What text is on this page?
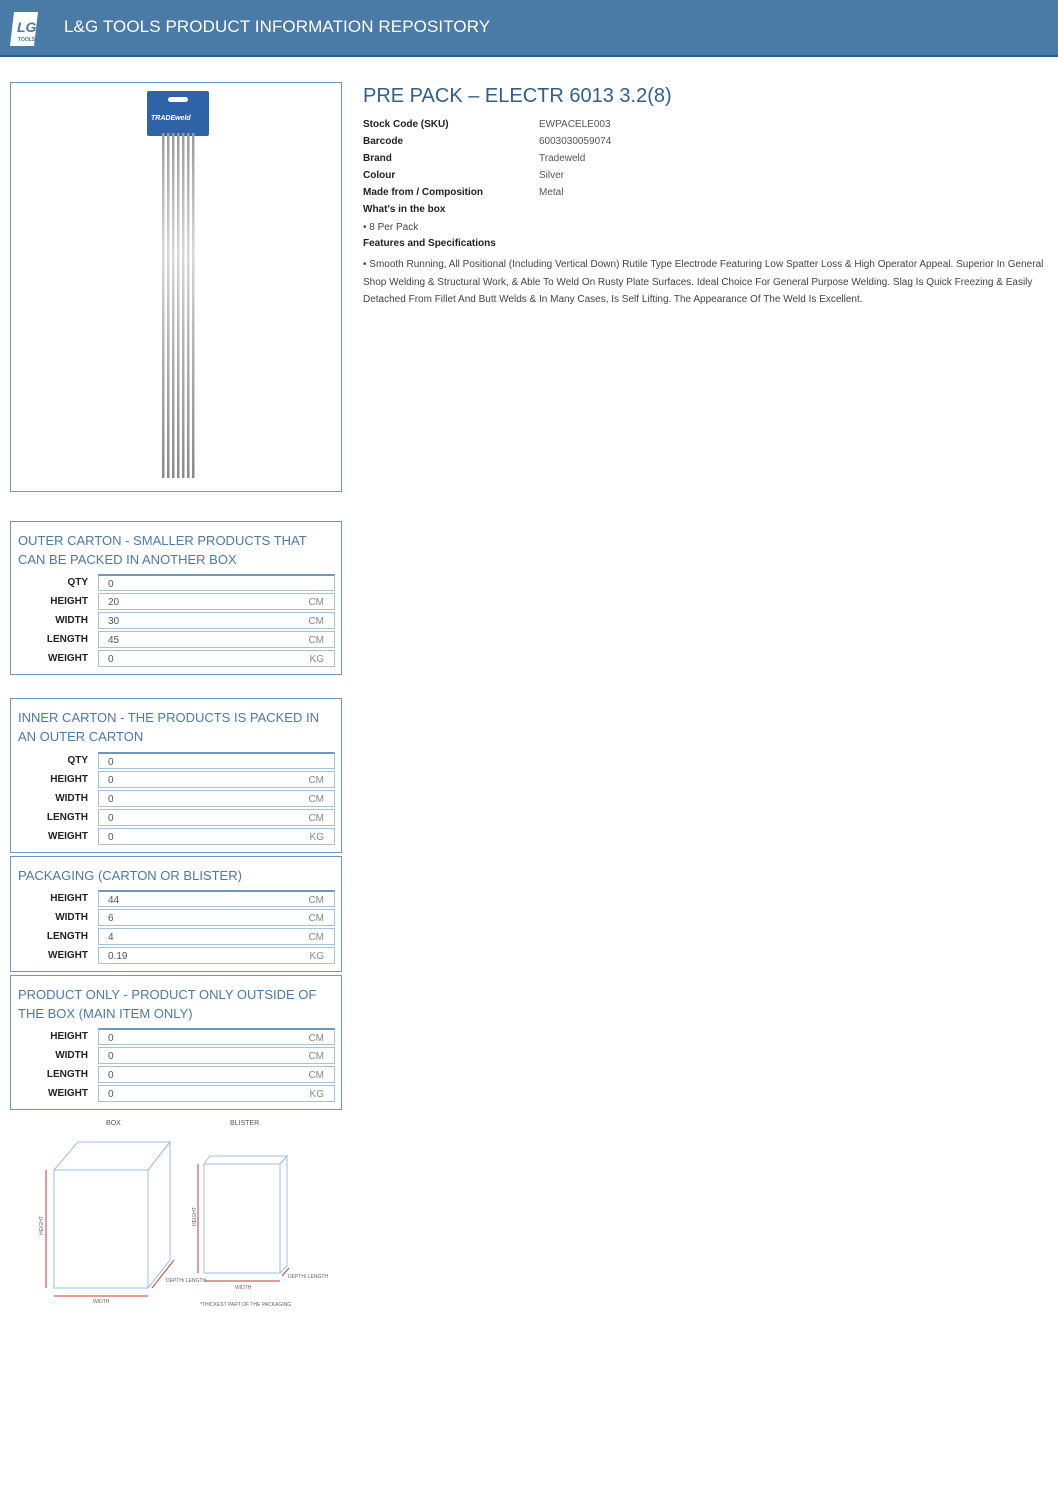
LG
TOOLS
L&G TOOLS PRODUCT INFORMATION REPOSITORY
TRADEweld
PRE PACK – ELECTR 6013 3.2(8)
Stock Code (SKU)	EWPACELE003
Barcode	6003030059074
Brand	Tradeweld
Colour	Silver
Made from / Composition	Metal
What's in the box
• 8 Per Pack
Features and Specifications
• Smooth Running, All Positional (Including Vertical Down) Rutile Type Electrode Featuring Low Spatter Loss & High Operator Appeal. Superior In General Shop Welding & Structural Work, & Able To Weld On Rusty Plate Surfaces. Ideal Choice For General Purpose Welding. Slag Is Quick Freezing & Easily Detached From Fillet And Butt Welds & In Many Cases, Is Self Lifting. The Appearance Of The Weld Is Excellent.
OUTER CARTON - SMALLER PRODUCTS THAT CAN BE PACKED IN ANOTHER BOX
QTY 0
HEIGHT 20	CM
WIDTH 30	CM
LENGTH 45	CM
WEIGHT 0	KG
INNER CARTON - THE PRODUCTS IS PACKED IN AN OUTER CARTON
QTY 0
HEIGHT 0	CM
WIDTH 0	CM
LENGTH 0	CM
WEIGHT 0	KG
PACKAGING (CARTON OR BLISTER)
HEIGHT 44	CM
WIDTH 6	CM
LENGTH 4	CM
WEIGHT 0.19	KG
PRODUCT ONLY - PRODUCT ONLY OUTSIDE OF THE BOX (MAIN ITEM ONLY)
HEIGHT 0	CM
WIDTH 0	CM
LENGTH 0	CM
WEIGHT 0	KG
BOX	BLISTER
HEIGHT
WIDTH
DEPTH/ LENGTH
HEIGHT
WIDTH
DEPTH/ LENGTH
*THICKEST PART OF THE PACKAGING
